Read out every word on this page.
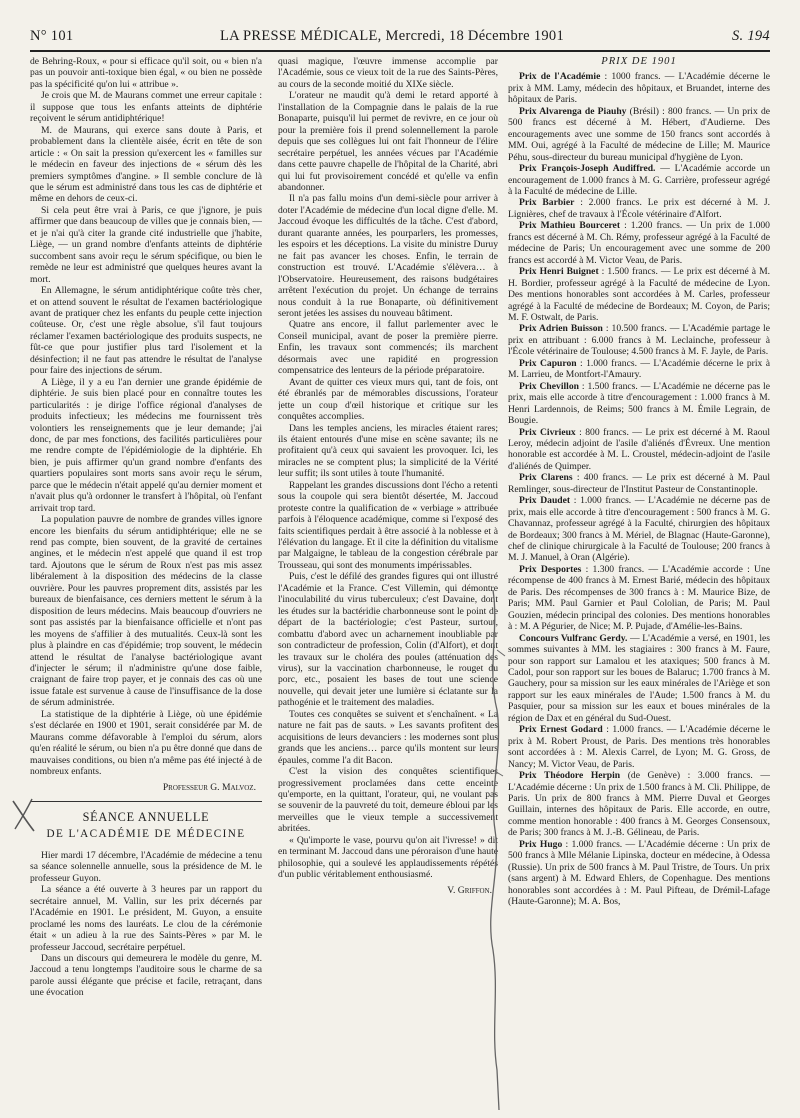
N° 101	LA PRESSE MÉDICALE, Mercredi, 18 Décembre 1901	S. 194

de Behring-Roux, « pour si efficace qu'il soit, ou « bien n'a pas un pouvoir anti-toxique bien égal, « ou bien ne possède pas la spécificité qu'on lui « attribue ».

Je crois que M. de Maurans commet une erreur capitale : il suppose que tous les enfants atteints de diphtérie reçoivent le sérum antidiphtérique!

M. de Maurans, qui exerce sans doute à Paris, et probablement dans la clientèle aisée, écrit en tête de son article : « On sait la pression qu'exercent les « familles sur le médecin en faveur des injections de « sérum dès les premiers symptômes d'angine. » Il semble conclure de là que le sérum est administré dans tous les cas de diphtérie et même en dehors de ceux-ci.

Si cela peut être vrai à Paris, ce que j'ignore, je puis affirmer que dans beaucoup de villes que je connais bien, — et je n'ai qu'à citer la grande cité industrielle que j'habite, Liège, — un grand nombre d'enfants atteints de diphtérie succombent sans avoir reçu le sérum spécifique, ou bien le remède ne leur est administré que quelques heures avant la mort.

En Allemagne, le sérum antidiphtérique coûte très cher, et on attend souvent le résultat de l'examen bactériologique avant de pratiquer chez les enfants du peuple cette injection coûteuse. Or, c'est une règle absolue, s'il faut toujours réclamer l'examen bactériologique des produits suspects, ne fût-ce que pour justifier plus tard l'isolement et la désinfection; il ne faut pas attendre le résultat de l'analyse pour faire des injections de sérum.

A Liège, il y a eu l'an dernier une grande épidémie de diphtérie. Je suis bien placé pour en connaître toutes les particularités : je dirige l'office régional d'analyses de produits infectieux; les médecins me fournissent très volontiers les renseignements que je leur demande; j'ai donc, de par mes fonctions, des facilités particulières pour me rendre compte de l'épidémiologie de la diphtérie. Eh bien, je puis affirmer qu'un grand nombre d'enfants des quartiers populaires sont morts sans avoir reçu le sérum, parce que le médecin n'était appelé qu'au dernier moment et n'avait plus qu'à ordonner le transfert à l'hôpital, où l'enfant arrivait trop tard.

La population pauvre de nombre de grandes villes ignore encore les bienfaits du sérum antidiphtérique; elle ne se rend pas compte, bien souvent, de la gravité de certaines angines, et le médecin n'est appelé que quand il est trop tard. Ajoutons que le sérum de Roux n'est pas mis assez libéralement à la disposition des médecins de la classe ouvrière. Pour les pauvres proprement dits, assistés par les bureaux de bienfaisance, ces derniers mettent le sérum à la disposition de leurs médecins. Mais beaucoup d'ouvriers ne sont pas assistés par la bienfaisance officielle et n'ont pas les moyens de s'affilier à des mutualités. Ceux-là sont les plus à plaindre en cas d'épidémie; trop souvent, le médecin attend le résultat de l'analyse bactériologique avant d'injecter le sérum; il n'administre qu'une dose faible, craignant de faire trop payer, et je connais des cas où une issue fatale est survenue à cause de l'insuffisance de la dose de sérum administrée.

La statistique de la diphtérie à Liège, où une épidémie s'est déclarée en 1900 et 1901, serait considérée par M. de Maurans comme défavorable à l'emploi du sérum, alors qu'en réalité le sérum, ou bien n'a pu être donné que dans de mauvaises conditions, ou bien n'a même pas été injecté à de nombreux enfants.

Professeur G. Malvoz.
SÉANCE ANNUELLE
DE L'ACADÉMIE DE MÉDECINE

Hier mardi 17 décembre, l'Académie de médecine a tenu sa séance solennelle annuelle, sous la présidence de M. le professeur Guyon.

La séance a été ouverte à 3 heures par un rapport du secrétaire annuel, M. Vallin, sur les prix décernés par l'Académie en 1901. Le président, M. Guyon, a ensuite proclamé les noms des lauréats. Le clou de la cérémonie était « un adieu à la rue des Saints-Pères » par M. le professeur Jaccoud, secrétaire perpétuel.

Dans un discours qui demeurera le modèle du genre, M. Jaccoud a tenu longtemps l'auditoire sous le charme de sa parole aussi élégante que précise et facile, retraçant, dans une évocation

quasi magique, l'œuvre immense accomplie par l'Académie, sous ce vieux toit de la rue des Saints-Pères, au cours de la seconde moitié du XIXe siècle.

L'orateur ne maudit qu'à demi le retard apporté à l'installation de la Compagnie dans le palais de la rue Bonaparte, puisqu'il lui permet de revivre, en ce jour où pour la première fois il prend solennellement la parole depuis que ses collègues lui ont fait l'honneur de l'élire secrétaire perpétuel, les années vécues par l'Académie dans cette pauvre chapelle de l'hôpital de la Charité, abri qui lui fut provisoirement concédé et qu'elle va enfin abandonner.

Il n'a pas fallu moins d'un demi-siècle pour arriver à doter l'Académie de médecine d'un local digne d'elle. M. Jaccoud évoque les difficultés de la tâche. C'est d'abord, durant quarante années, les pourparlers, les promesses, les espoirs et les déceptions. La visite du ministre Duruy ne fait pas avancer les choses. Enfin, le terrain de construction est trouvé. L'Académie s'élèvera… à l'Observatoire. Heureusement, des raisons budgétaires arrêtent l'exécution du projet. Un échange de terrains nous conduit à la rue Bonaparte, où définitivement seront jetées les assises du nouveau bâtiment.

Quatre ans encore, il fallut parlementer avec le Conseil municipal, avant de poser la première pierre. Enfin, les travaux sont commencés; ils marchent désormais avec une rapidité en progression compensatrice des lenteurs de la période préparatoire.

Avant de quitter ces vieux murs qui, tant de fois, ont été ébranlés par de mémorables discussions, l'orateur jette un coup d'œil historique et critique sur les conquêtes accomplies.

Dans les temples anciens, les miracles étaient rares; ils étaient entourés d'une mise en scène savante; ils ne profitaient qu'à ceux qui savaient les provoquer. Ici, les miracles ne se comptent plus; la simplicité de la Vérité leur suffit; ils sont utiles à toute l'humanité.

Rappelant les grandes discussions dont l'écho a retenti sous la coupole qui sera bientôt désertée, M. Jaccoud proteste contre la qualification de « verbiage » attribuée parfois à l'éloquence académique, comme si l'exposé des faits scientifiques perdait à être associé à la noblesse et à l'élévation du langage. Et il cite la définition du vitalisme par Malgaigne, le tableau de la congestion cérébrale par Trousseau, qui sont des monuments impérissables.

Puis, c'est le défilé des grandes figures qui ont illustré l'Académie et la France. C'est Villemin, qui démontre l'inoculabilité du virus tuberculeux; c'est Davaine, dont les études sur la bactéridie charbonneuse sont le point de départ de la bactériologie; c'est Pasteur, surtout, combattu d'abord avec un acharnement inoubliable par son contradicteur de profession, Colin (d'Alfort), et dont les travaux sur le choléra des poules (atténuation des virus), sur la vaccination charbonneuse, le rouget du porc, etc., posaient les bases de tout une science nouvelle, qui devait jeter une lumière si éclatante sur la pathogénie et le traitement des maladies.

Toutes ces conquêtes se suivent et s'enchaînent. « La nature ne fait pas de sauts. » Les savants profitent des acquisitions de leurs devanciers : les modernes sont plus grands que les anciens… parce qu'ils montent sur leurs épaules, comme l'a dit Bacon.

C'est la vision des conquêtes scientifiques progressivement proclamées dans cette enceinte qu'emporte, en la quittant, l'orateur, qui, ne voulant pas se souvenir de la pauvreté du toit, demeure ébloui par les merveilles que le vieux temple a successivement abritées.

« Qu'importe le vase, pourvu qu'on ait l'ivresse! » dit en terminant M. Jaccoud dans une péroraison d'une haute philosophie, qui a soulevé les applaudissements répétés d'un public véritablement enthousiasmé.

V. Griffon.
PRIX DE 1901

Prix de l'Académie : 1000 francs. — L'Académie décerne le prix à MM. Lamy, médecin des hôpitaux, et Bruandet, interne des hôpitaux de Paris.

Prix Alvarenga de Piauhy (Brésil) : 800 francs. — Un prix de 500 francs est décerné à M. Hébert, d'Audierne. Des encouragements avec une somme de 150 francs sont accordés à MM. Oui, agrégé à la Faculté de médecine de Lille; M. Maurice Péhu, sous-directeur du bureau municipal d'hygiène de Lyon.

Prix François-Joseph Audiffred. — L'Académie accorde un encouragement de 1.000 francs à M. G. Carrière, professeur agrégé à la Faculté de médecine de Lille.

Prix Barbier : 2.000 francs. Le prix est décerné à M. J. Lignières, chef de travaux à l'École vétérinaire d'Alfort.

Prix Mathieu Bourceret : 1.200 francs. — Un prix de 1.000 francs est décerné à M. Ch. Rémy, professeur agrégé à la Faculté de médecine de Paris; Un encouragement avec une somme de 200 francs est accordé à M. Victor Veau, de Paris.

Prix Henri Buignet : 1.500 francs. — Le prix est décerné à M. H. Bordier, professeur agrégé à la Faculté de médecine de Lyon. Des mentions honorables sont accordées à M. Carles, professeur agrégé à la Faculté de médecine de Bordeaux; M. Coyon, de Paris; M. F. Ostwalt, de Paris.

Prix Adrien Buisson : 10.500 francs. — L'Académie partage le prix en attribuant : 6.000 francs à M. Leclainche, professeur à l'École vétérinaire de Toulouse; 4.500 francs à M. F. Jayle, de Paris.

Prix Capuron : 1.000 francs. — L'Académie décerne le prix à M. Larrieu, de Montfort-l'Amaury.

Prix Chevillon : 1.500 francs. — L'Académie ne décerne pas le prix, mais elle accorde à titre d'encouragement : 1.000 francs à M. Henri Lardennois, de Reims; 500 francs à M. Émile Legrain, de Bougie.

Prix Civrieux : 800 francs. — Le prix est décerné à M. Raoul Leroy, médecin adjoint de l'asile d'aliénés d'Évreux. Une mention honorable est accordée à M. L. Croustel, médecin-adjoint de l'asile d'aliénés de Quimper.

Prix Clarens : 400 francs. — Le prix est décerné à M. Paul Remlinger, sous-directeur de l'Institut Pasteur de Constantinople.

Prix Daudet : 1.000 francs. — L'Académie ne décerne pas de prix, mais elle accorde à titre d'encouragement : 500 francs à M. G. Chavannaz, professeur agrégé à la Faculté, chirurgien des hôpitaux de Bordeaux; 300 francs à M. Mériel, de Blagnac (Haute-Garonne), chef de clinique chirurgicale à la Faculté de Toulouse; 200 francs à M. J. Manuel, à Oran (Algérie).

Prix Desportes : 1.300 francs. — L'Académie accorde : Une récompense de 400 francs à M. Ernest Barié, médecin des hôpitaux de Paris. Des récompenses de 300 francs à : M. Maurice Bize, de Paris; MM. Paul Garnier et Paul Cololian, de Paris; M. Paul Gouzien, médecin principal des colonies. Des mentions honorables à : M. A Pégurier, de Nice; M. P. Pujade, d'Amélie-les-Bains.

Concours Vulfranc Gerdy. — L'Académie a versé, en 1901, les sommes suivantes à MM. les stagiaires : 300 francs à M. Faure, pour son rapport sur Lamalou et les ataxiques; 500 francs à M. Cadol, pour son rapport sur les boues de Balaruc; 1.700 francs à M. Gauchery, pour sa mission sur les eaux minérales de l'Ariège et son rapport sur les eaux minérales de l'Aude; 1.500 francs à M. du Pasquier, pour sa mission sur les eaux et boues minérales de la région de Dax et en général du Sud-Ouest.

Prix Ernest Godard : 1.000 francs. — L'Académie décerne le prix à M. Robert Proust, de Paris. Des mentions très honorables sont accordées à : M. Alexis Carrel, de Lyon; M. G. Gross, de Nancy; M. Victor Veau, de Paris.

Prix Théodore Herpin (de Genève) : 3.000 francs. — L'Académie décerne : Un prix de 1.500 francs à M. Cli. Philippe, de Paris. Un prix de 800 francs à MM. Pierre Duval et Georges Guillain, internes des hôpitaux de Paris. Elle accorde, en outre, comme mention honorable : 400 francs à M. Georges Consensoux, de Paris; 300 francs à M. J.-B. Gélineau, de Paris.

Prix Hugo : 1.000 francs. — L'Académie décerne : Un prix de 500 francs à Mlle Mélanie Lipinska, docteur en médecine, à Odessa (Russie). Un prix de 500 francs à M. Paul Tristre, de Tours. Un prix (sans argent) à M. Edward Ehlers, de Copenhague. Des mentions honorables sont accordées à : M. Paul Pifteau, de Drémil-Lafage (Haute-Garonne); M. A. Bos,
